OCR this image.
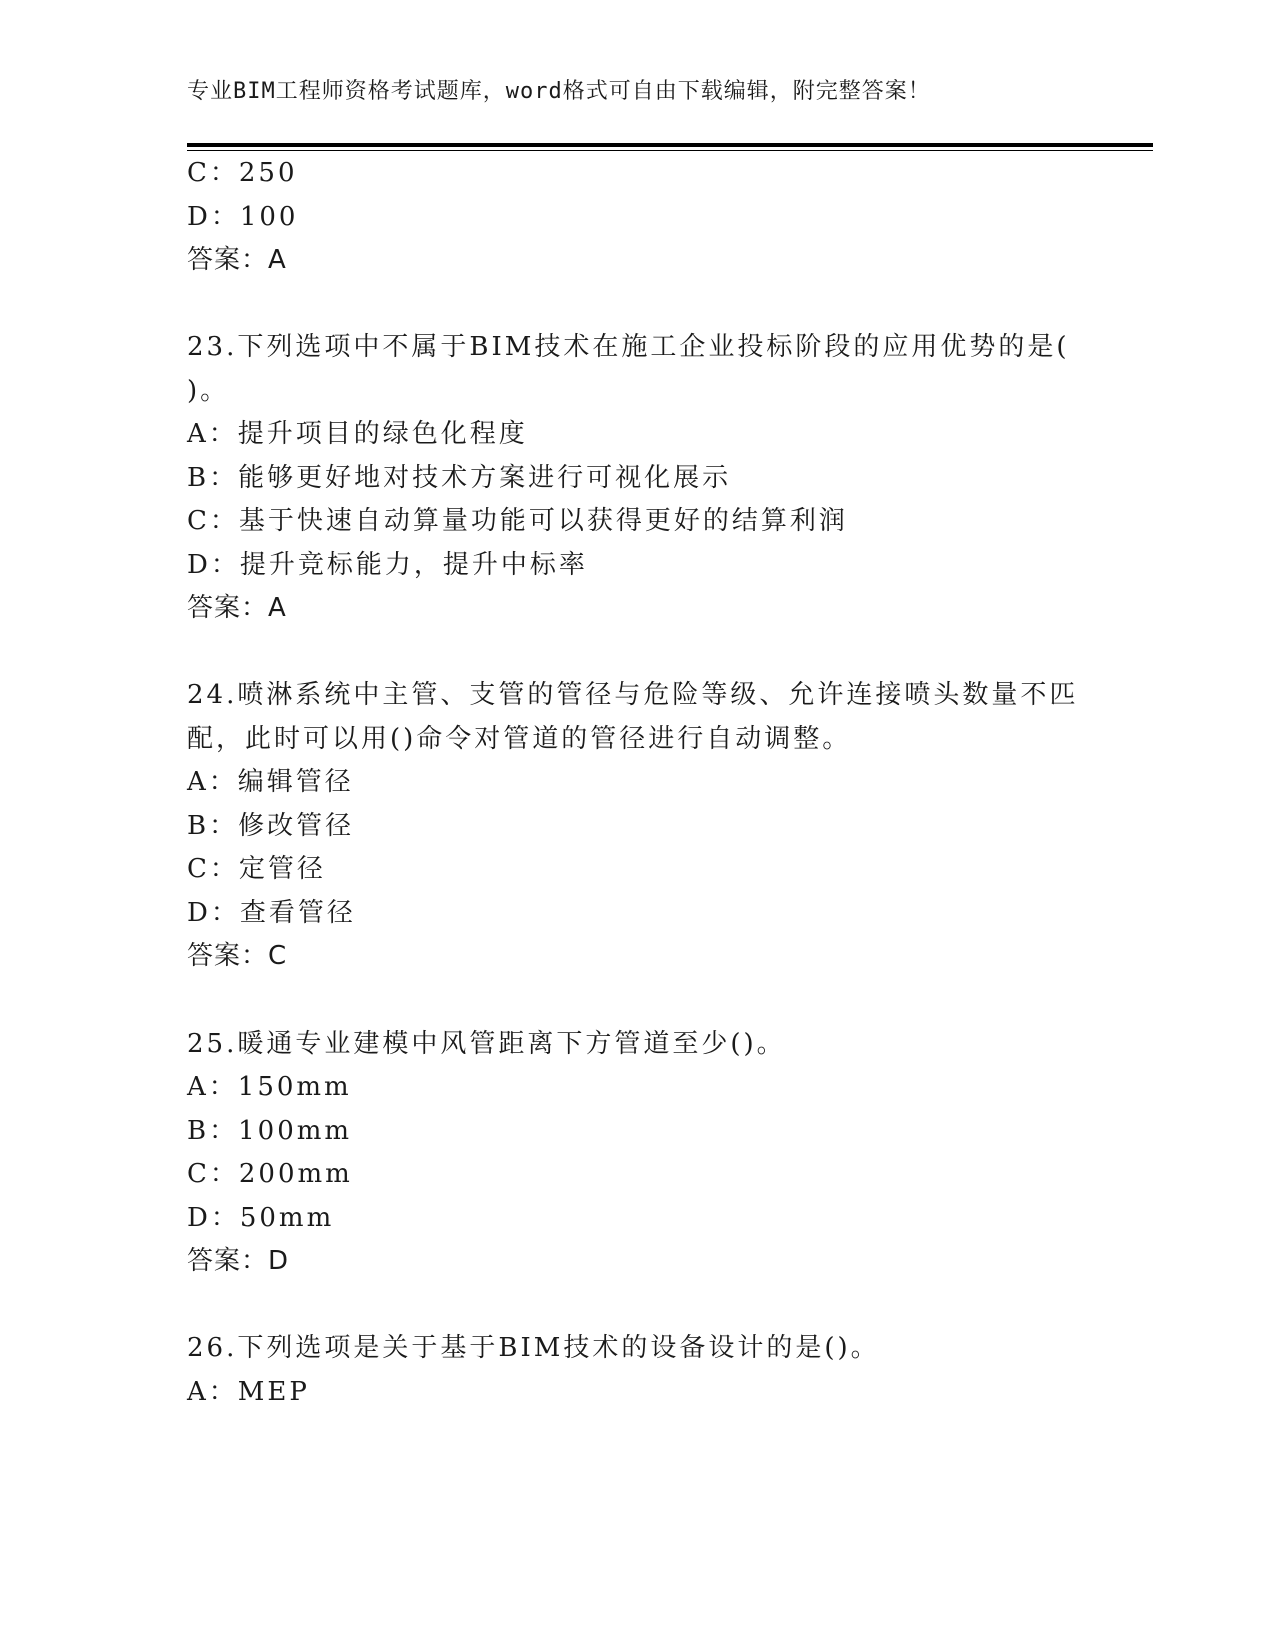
专业BIM工程师资格考试题库，word格式可自由下载编辑，附完整答案！
C：250
D：100
答案：A
23.下列选项中不属于BIM技术在施工企业投标阶段的应用优势的是(
)。
A：提升项目的绿色化程度
B：能够更好地对技术方案进行可视化展示
C：基于快速自动算量功能可以获得更好的结算利润
D：提升竞标能力，提升中标率
答案：A
24.喷淋系统中主管、支管的管径与危险等级、允许连接喷头数量不匹
配，此时可以用()命令对管道的管径进行自动调整。
A：编辑管径
B：修改管径
C：定管径
D：查看管径
答案：C
25.暖通专业建模中风管距离下方管道至少()。
A：150mm
B：100mm
C：200mm
D：50mm
答案：D
26.下列选项是关于基于BIM技术的设备设计的是()。
A：MEP
